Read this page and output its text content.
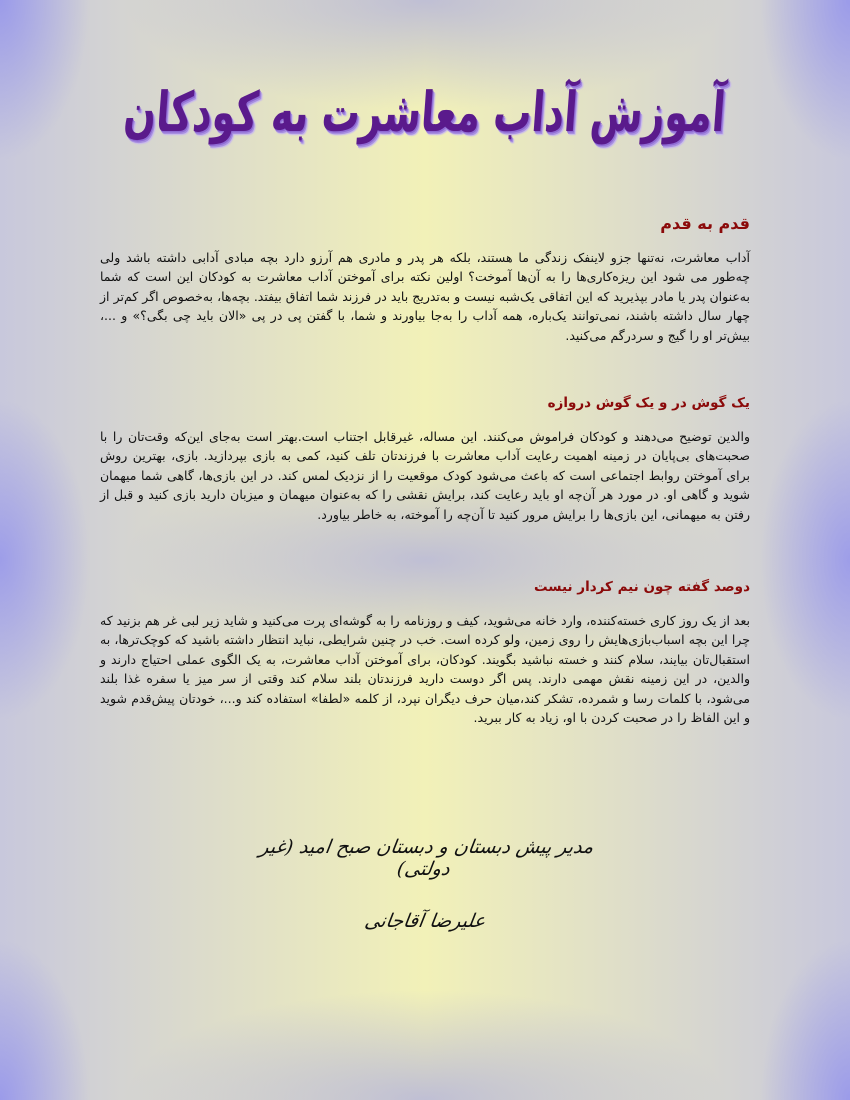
آموزش آداب معاشرت به کودکان
قدم به قدم

آداب معاشرت، نه‌تنها جزو لاینفک زندگی ما هستند، بلکه هر پدر و مادری هم آرزو دارد بچه مبادی آدابی داشته باشد ولی چه‌طور می شود این ریزه‌کاری‌ها را به آن‌ها آموخت؟ اولین نکته برای آموختن آداب معاشرت به کودکان این است که شما به‌عنوان پدر یا مادر بپذیرید که این اتفاقی یک‌شبه نیست و به‌تدریج باید در فرزند شما اتفاق بیفتد. بچه‌ها، به‌خصوص اگر کم‌تر از چهار سال داشته باشند، نمی‌توانند یک‌باره، همه آداب را به‌جا بیاورند و شما، با گفتن پی در پی «الان باید چی بگی؟» و ...، بیش‌تر او را گیج و سردرگم می‌کنید.

یک گوش در و یک گوش دروازه

والدین توضیح می‌دهند و کودکان فراموش می‌کنند. این مساله، غیرقابل اجتناب است.بهتر است به‌جای این‌که وقت‌تان را با صحبت‌های بی‌پایان در زمینه اهمیت رعایت آداب معاشرت با فرزندتان تلف کنید، کمی به بازی بپردازید. بازی، بهترین روش برای آموختن روابط اجتماعی است که باعث می‌شود کودک موقعیت را از نزدیک لمس کند. در این بازی‌ها، گاهی شما میهمان شوید و گاهی او. در مورد هر آن‌چه او باید رعایت کند، برایش نقشی را که به‌عنوان میهمان و میزبان دارید بازی کنید و قبل از رفتن به میهمانی، این بازی‌ها را برایش مرور کنید تا آن‌چه را آموخته، به خاطر بیاورد.

دوصد گفته چون نیم کردار نیست

بعد از یک روز کاری خسته‌کننده، وارد خانه می‌شوید، کیف و روزنامه را به گوشه‌ای پرت می‌کنید و شاید زیر لبی غر هم بزنید که چرا این بچه اسباب‌بازی‌هایش را روی زمین، ولو کرده است. خب در چنین شرایطی، نباید انتظار داشته باشید که کوچک‌ترها، به استقبال‌تان بیایند، سلام کنند و خسته نباشید بگویند. کودکان، برای آموختن آداب معاشرت، به یک الگوی عملی احتیاج دارند و والدین، در این زمینه نقش مهمی دارند. پس اگر دوست دارید فرزندتان بلند سلام کند وقتی از سر میز یا سفره غذا بلند می‌شود، با کلمات رسا و شمرده، تشکر کند،میان حرف دیگران نپرد، از کلمه «لطفا» استفاده کند و...، خودتان پیش‌قدم شوید و این الفاظ را در صحبت کردن با او، زیاد به کار ببرید.

مدیر پیش دبستان و دبستان صبح امید (غیر دولتی)
علیرضا آقاجانی
